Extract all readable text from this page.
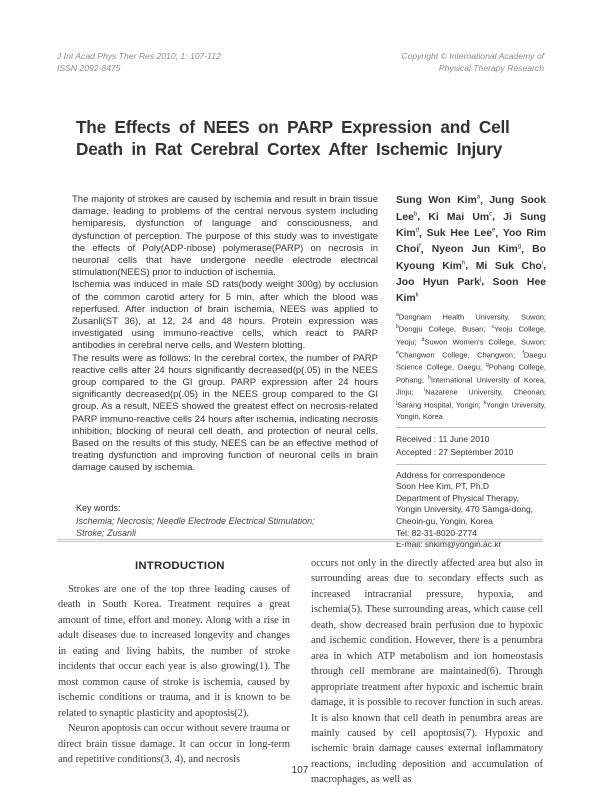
J Int Acad Phys Ther Res 2010; 1: 107-112
ISSN 2092-8475
Copyright © International Academy of
Physical Therapy Research
The Effects of NEES on PARP Expression and Cell Death in Rat Cerebral Cortex After Ischemic Injury

The majority of strokes are caused by ischemia and result in brain tissue damage, leading to problems of the central nervous system including hemiparesis, dysfunction of language and consciousness, and dysfunction of perception. The purpose of this study was to investigate the effects of Poly(ADP-ribose) polymerase(PARP) on necrosis in neuronal cells that have undergone needle electrode electrical stimulation(NEES) prior to induction of ischemia.

Ischemia was induced in male SD rats(body weight 300g) by occlusion of the common carotid artery for 5 min, after which the blood was reperfused. After induction of brain ischemia, NEES was applied to Zusanli(ST 36), at 12, 24 and 48 hours. Protein expression was investigated using immuno-reactive cells, which react to PARP antibodies in cerebral nerve cells, and Western blotting.

The results were as follows: In the cerebral cortex, the number of PARP reactive cells after 24 hours significantly decreased(p(.05) in the NEES group compared to the GI group. PARP expression after 24 hours significantly decreased(p(.05) in the NEES group compared to the GI group. As a result, NEES showed the greatest effect on necrosis-related PARP immuno-reactive cells 24 hours after ischemia, indicating necrosis inhibition, blocking of neural cell death, and protection of neural cells. Based on the results of this study, NEES can be an effective method of treating dysfunction and improving function of neuronal cells in brain damage caused by ischemia.

Sung Won Kim$^a$, Jung Sook Lee$^b$, Ki Mai Um$^c$, Ji Sung Kim$^d$, Suk Hee Lee$^e$, Yoo Rim Choi$^f$, Nyeon Jun Kim$^g$, Bo Kyoung Kim$^h$, Mi Suk Cho$^i$, Joo Hyun Park$^j$, Soon Hee Kim$^k$
$^a$Dongnam Health University, Suwon; $^b$Dongju College, Busan; $^c$Yeoju College, Yeoju; $^d$Suwon Women's College, Suwon; $^e$Changwon College, Changwon; $^f$Daegu Science College, Daegu; $^g$Pohang College, Pohang; $^h$International University of Korea, Jinju; $^i$Nazarene University, Cheonan; $^j$Sarang Hospital, Yongin; $^k$Yongin University, Yongin, Korea
Received : 11 June 2010
Accepted : 27 September 2010
Address for correspondence
Soon Hee Kim, PT, Ph.D
Department of Physical Therapy, Yongin University, 470 Samga-dong, Cheoin-gu, Yongin, Korea
Tel: 82-31-8020-2774
E-mail: shkim@yongin.ac.kr
Key words:Ischemia; Necrosis; Needle Electrode Electrical Stimulation; Stroke; Zusanli
INTRODUCTION

Strokes are one of the top three leading causes of death in South Korea. Treatment requires a great amount of time, effort and money. Along with a rise in adult diseases due to increased longevity and changes in eating and living habits, the number of stroke incidents that occur each year is also growing(1). The most common cause of stroke is ischemia, caused by ischemic conditions or trauma, and it is known to be related to synaptic plasticity and apoptosis(2).

Neuron apoptosis can occur without severe trauma or direct brain tissue damage. It can occur in long-term and repetitive conditions(3, 4), and necrosis

occurs not only in the directly affected area but also in surrounding areas due to secondary effects such as increased intracranial pressure, hypoxia, and ischemia(5). These surrounding areas, which cause cell death, show decreased brain perfusion due to hypoxic and ischemic condition. However, there is a penumbra area in which ATP metabolism and ion homeostasis through cell membrane are maintained(6). Through appropriate treatment after hypoxic and ischemic brain damage, it is possible to recover function in such areas. It is also known that cell death in penumbra areas are mainly caused by cell apoptosis(7). Hypoxic and ischemic brain damage causes external inflammatory reactions, including deposition and accumulation of macrophages, as well as

107
